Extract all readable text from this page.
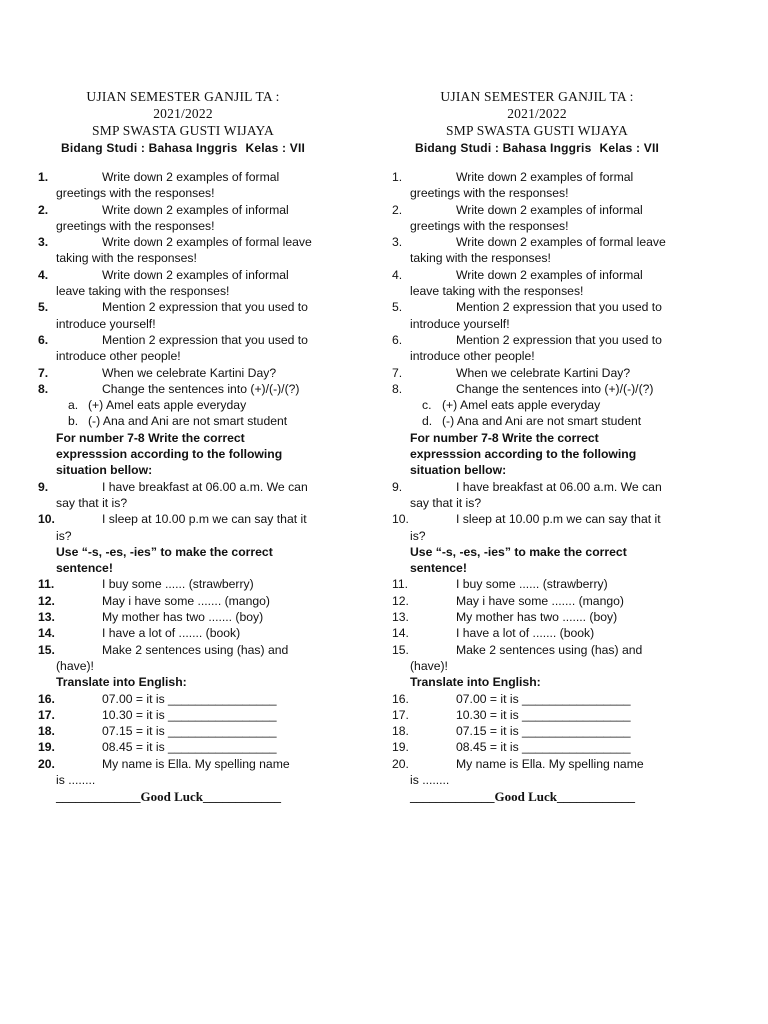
UJIAN SEMESTER GANJIL TA :
2021/2022
SMP SWASTA GUSTI WIJAYA
Bidang Studi : Bahasa Inggris Kelas : VII
1.	Write down 2 examples of formal
greetings with the responses!
2.	Write down 2 examples of informal
greetings with the responses!
3.	Write down 2 examples of formal leave
taking with the responses!
4.	Write down 2 examples of informal
leave taking with the responses!
5.	Mention 2 expression that you used to
introduce yourself!
6.	Mention 2 expression that you used to
introduce other people!
7.	When we celebrate Kartini Day?
8.	Change the sentences into (+)/(-)/(?)
a. (+) Amel eats apple everyday
b. (-) Ana and Ani are not smart student
For number 7-8 Write the correct
expresssion according to the following
situation bellow:
9.	I have breakfast at 06.00 a.m. We can
say that it is?
10.	I sleep at 10.00 p.m we can say that it
is?
Use “-s, -es, -ies” to make the correct
sentence!
11.	I buy some ...... (strawberry)
12.	May i have some ....... (mango)
13.	My mother has two ....... (boy)
14.	I have a lot of ....... (book)
15.	Make 2 sentences using (has) and
(have)!
Translate into English:
16.	07.00 = it is ________________
17.	10.30 = it is ________________
18.	07.15 = it is ________________
19.	08.45 = it is ________________
20.	My name is Ella. My spelling name
is ........
_____________Good Luck____________
UJIAN SEMESTER GANJIL TA :
2021/2022
SMP SWASTA GUSTI WIJAYA
Bidang Studi : Bahasa Inggris Kelas : VII
1.	Write down 2 examples of formal
greetings with the responses!
2.	Write down 2 examples of informal
greetings with the responses!
3.	Write down 2 examples of formal leave
taking with the responses!
4.	Write down 2 examples of informal
leave taking with the responses!
5.	Mention 2 expression that you used to
introduce yourself!
6.	Mention 2 expression that you used to
introduce other people!
7.	When we celebrate Kartini Day?
8.	Change the sentences into (+)/(-)/(?)
c. (+) Amel eats apple everyday
d. (-) Ana and Ani are not smart student
For number 7-8 Write the correct
expresssion according to the following
situation bellow:
9.	I have breakfast at 06.00 a.m. We can
say that it is?
10.	I sleep at 10.00 p.m we can say that it
is?
Use “-s, -es, -ies” to make the correct
sentence!
11.	I buy some ...... (strawberry)
12.	May i have some ....... (mango)
13.	My mother has two ....... (boy)
14.	I have a lot of ....... (book)
15.	Make 2 sentences using (has) and
(have)!
Translate into English:
16.	07.00 = it is ________________
17.	10.30 = it is ________________
18.	07.15 = it is ________________
19.	08.45 = it is ________________
20.	My name is Ella. My spelling name
is ........
_____________Good Luck____________
